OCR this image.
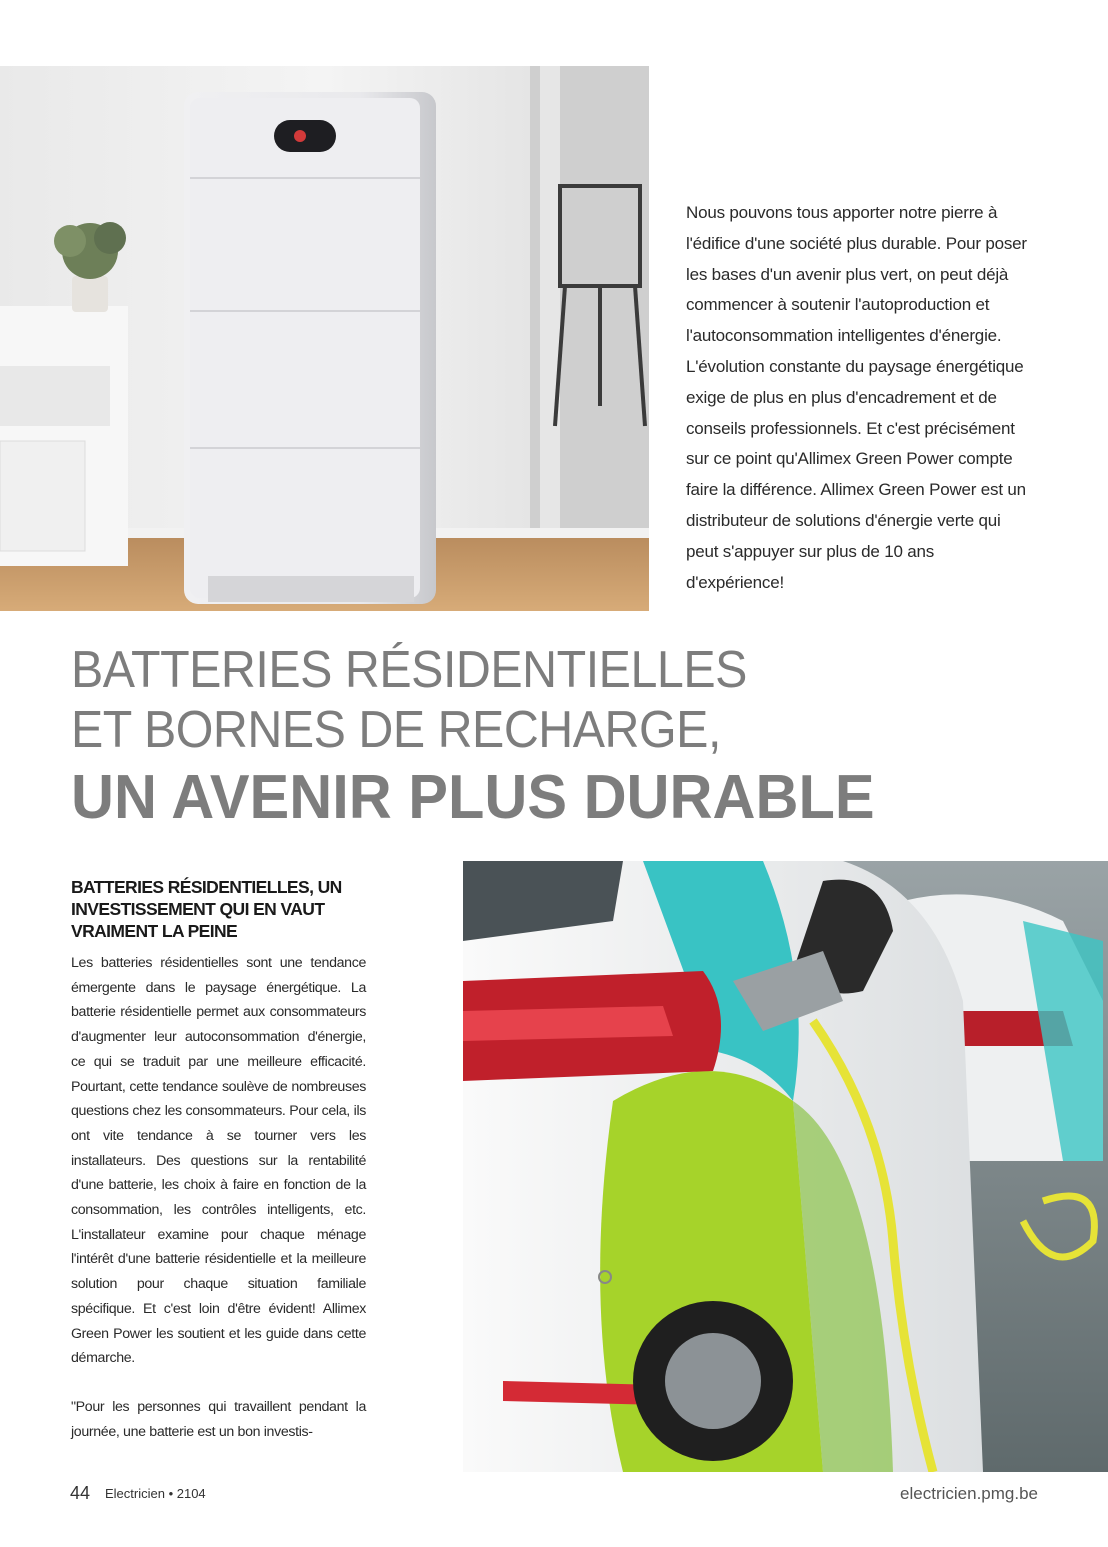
Nous pouvons tous apporter notre pierre à l'édifice d'une société plus durable. Pour poser les bases d'un avenir plus vert, on peut déjà commencer à soutenir l'autoproduction et l'autoconsommation intelligentes d'énergie. L'évolution constante du paysage énergétique exige de plus en plus d'encadrement et de conseils professionnels. Et c'est précisément sur ce point qu'Allimex Green Power compte faire la différence. Allimex Green Power est un distributeur de solutions d'énergie verte qui peut s'appuyer sur plus de 10 ans d'expérience!

BATTERIES RÉSIDENTIELLES
ET BORNES DE RECHARGE,
UN AVENIR PLUS DURABLE
BATTERIES RÉSIDENTIELLES, UN INVESTISSEMENT QUI EN VAUT VRAIMENT LA PEINE

Les batteries résidentielles sont une tendance émergente dans le paysage énergétique. La batterie résidentielle permet aux consommateurs d'augmenter leur autoconsommation d'énergie, ce qui se traduit par une meilleure efficacité. Pourtant, cette tendance soulève de nombreuses questions chez les consommateurs. Pour cela, ils ont vite tendance à se tourner vers les installateurs. Des questions sur la rentabilité d'une batterie, les choix à faire en fonction de la consommation, les contrôles intelligents, etc. L'installateur examine pour chaque ménage l'intérêt d'une batterie résidentielle et la meilleure solution pour chaque situation familiale spécifique. Et c'est loin d'être évident! Allimex Green Power les soutient et les guide dans cette démarche.

"Pour les personnes qui travaillent pendant la journée, une batterie est un bon investis-

44 Electricien • 2104	electricien.pmg.be
